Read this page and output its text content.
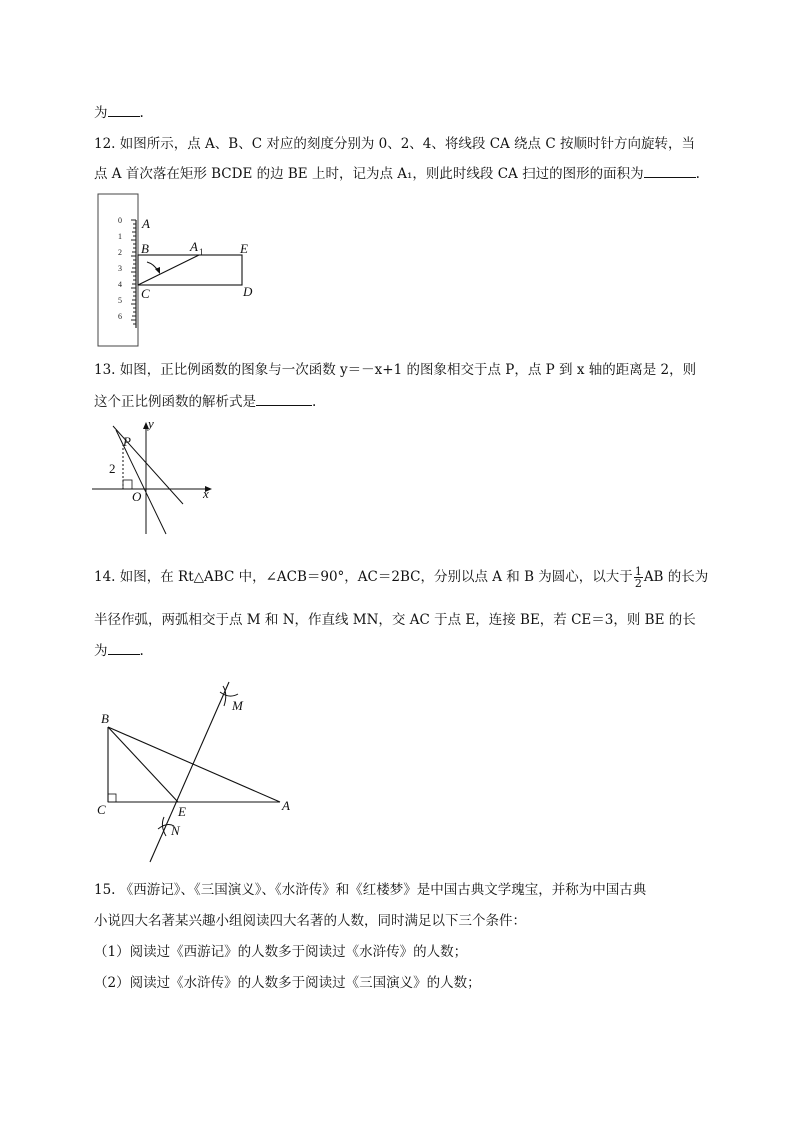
为 .
12. 如图所示，点 A、B、C 对应的刻度分别为 0、2、4、将线段 CA 绕点 C 按顺时针方向旋转，当
点 A 首次落在矩形 BCDE 的边 BE 上时，记为点 A₁，则此时线段 CA 扫过的图形的面积为	.
0
1
2
3
4
5
6
A
B	A 1	E
C	D
13. 如图，正比例函数的图象与一次函数 y＝－x+1 的图象相交于点 P，点 P 到 x 轴的距离是 2，则
这个正比例函数的解析式是	.
y
x
P
O
2
14. 如图，在 Rt△ABC 中，∠ACB＝90°，AC＝2BC，分别以点 A 和 B 为圆心，以大于 $\frac{1}{2}$ AB 的长为
半径作弧，两弧相交于点 M 和 N，作直线 MN，交 AC 于点 E，连接 BE，若 CE＝3，则 BE 的长
为 .
B
C	E	A
M
N
15. 《西游记》、《三国演义》、《水浒传》和《红楼梦》是中国古典文学瑰宝，并称为中国古典
小说四大名著某兴趣小组阅读四大名著的人数，同时满足以下三个条件：
（1）阅读过《西游记》的人数多于阅读过《水浒传》的人数；
（2）阅读过《水浒传》的人数多于阅读过《三国演义》的人数；
